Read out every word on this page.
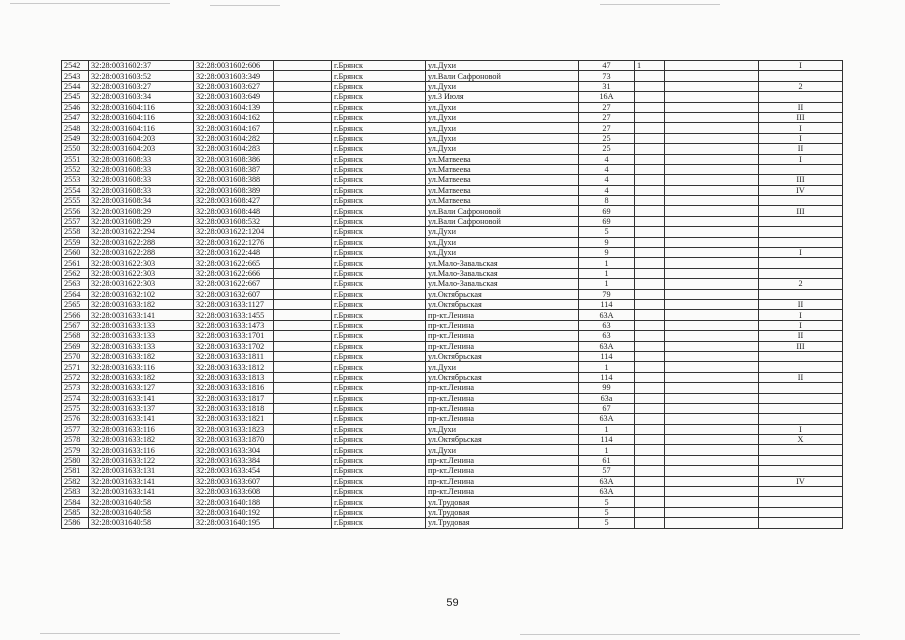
2542	32:28:0031602:37	32:28:0031602:606		г.Брянск	ул.Духи	47	1		I
2543	32:28:0031603:52	32:28:0031603:349		г.Брянск	ул.Вали Сафроновой	73			
2544	32:28:0031603:27	32:28:0031603:627		г.Брянск	ул.Духи	31			2
2545	32:28:0031603:34	32:28:0031603:649		г.Брянск	ул.3 Июля	16А			
2546	32:28:0031604:116	32:28:0031604:139		г.Брянск	ул.Духи	27			II
2547	32:28:0031604:116	32:28:0031604:162		г.Брянск	ул.Духи	27			III
2548	32:28:0031604:116	32:28:0031604:167		г.Брянск	ул.Духи	27			I
2549	32:28:0031604:203	32:28:0031604:282		г.Брянск	ул.Духи	25			I
2550	32:28:0031604:203	32:28:0031604:283		г.Брянск	ул.Духи	25			II
2551	32:28:0031608:33	32:28:0031608:386		г.Брянск	ул.Матвеева	4			I
2552	32:28:0031608:33	32:28:0031608:387		г.Брянск	ул.Матвеева	4			
2553	32:28:0031608:33	32:28:0031608:388		г.Брянск	ул.Матвеева	4			III
2554	32:28:0031608:33	32:28:0031608:389		г.Брянск	ул.Матвеева	4			IV
2555	32:28:0031608:34	32:28:0031608:427		г.Брянск	ул.Матвеева	8			
2556	32:28:0031608:29	32:28:0031608:448		г.Брянск	ул.Вали Сафроновой	69			III
2557	32:28:0031608:29	32:28:0031608:532		г.Брянск	ул.Вали Сафроновой	69			
2558	32:28:0031622:294	32:28:0031622:1204		г.Брянск	ул.Духи	5			
2559	32:28:0031622:288	32:28:0031622:1276		г.Брянск	ул.Духи	9			
2560	32:28:0031622:288	32:28:0031622:448		г.Брянск	ул.Духи	9			I
2561	32:28:0031622:303	32:28:0031622:665		г.Брянск	ул.Мало-Завальская	1			
2562	32:28:0031622:303	32:28:0031622:666		г.Брянск	ул.Мало-Завальская	1			
2563	32:28:0031622:303	32:28:0031622:667		г.Брянск	ул.Мало-Завальская	1			2
2564	32:28:0031632:102	32:28:0031632:607		г.Брянск	ул.Октябрьская	79			
2565	32:28:0031633:182	32:28:0031633:1127		г.Брянск	ул.Октябрьская	114			II
2566	32:28:0031633:141	32:28:0031633:1455		г.Брянск	пр-кт.Ленина	63А			I
2567	32:28:0031633:133	32:28:0031633:1473		г.Брянск	пр-кт.Ленина	63			I
2568	32:28:0031633:133	32:28:0031633:1701		г.Брянск	пр-кт.Ленина	63			II
2569	32:28:0031633:133	32:28:0031633:1702		г.Брянск	пр-кт.Ленина	63А			III
2570	32:28:0031633:182	32:28:0031633:1811		г.Брянск	ул.Октябрьская	114			
2571	32:28:0031633:116	32:28:0031633:1812		г.Брянск	ул.Духи	1			
2572	32:28:0031633:182	32:28:0031633:1813		г.Брянск	ул.Октябрьская	114			II
2573	32:28:0031633:127	32:28:0031633:1816		г.Брянск	пр-кт.Ленина	99			
2574	32:28:0031633:141	32:28:0031633:1817		г.Брянск	пр-кт.Ленина	63а			
2575	32:28:0031633:137	32:28:0031633:1818		г.Брянск	пр-кт.Ленина	67			
2576	32:28:0031633:141	32:28:0031633:1821		г.Брянск	пр-кт.Ленина	63А			
2577	32:28:0031633:116	32:28:0031633:1823		г.Брянск	ул.Духи	1			I
2578	32:28:0031633:182	32:28:0031633:1870		г.Брянск	ул.Октябрьская	114			X
2579	32:28:0031633:116	32:28:0031633:304		г.Брянск	ул.Духи	1			
2580	32:28:0031633:122	32:28:0031633:384		г.Брянск	пр-кт.Ленина	61			
2581	32:28:0031633:131	32:28:0031633:454		г.Брянск	пр-кт.Ленина	57			
2582	32:28:0031633:141	32:28:0031633:607		г.Брянск	пр-кт.Ленина	63А			IV
2583	32:28:0031633:141	32:28:0031633:608		г.Брянск	пр-кт.Ленина	63А			
2584	32:28:0031640:58	32:28:0031640:188		г.Брянск	ул.Трудовая	5			
2585	32:28:0031640:58	32:28:0031640:192		г.Брянск	ул.Трудовая	5			
2586	32:28:0031640:58	32:28:0031640:195		г.Брянск	ул.Трудовая	5			
59
